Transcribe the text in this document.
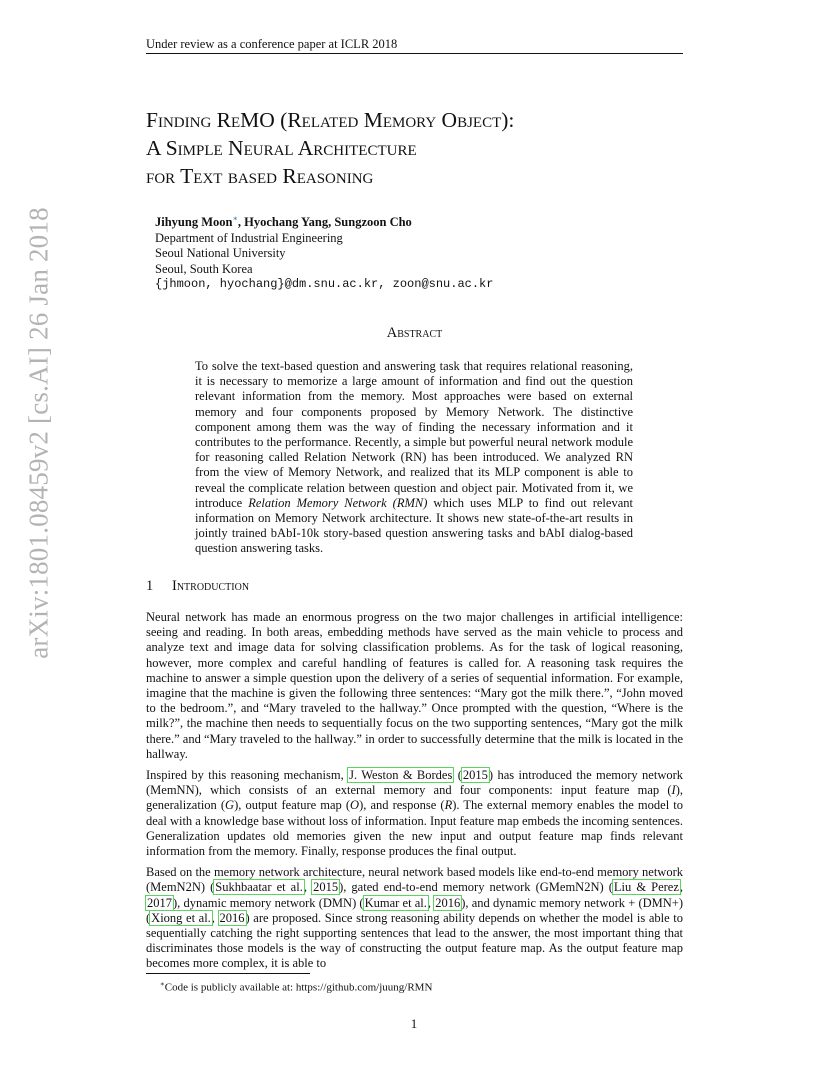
Under review as a conference paper at ICLR 2018
arXiv:1801.08459v2 [cs.AI] 26 Jan 2018
Finding ReMO (Related Memory Object):
A Simple Neural Architecture
for Text based Reasoning
Jihyung Moon∗, Hyochang Yang, Sungzoon Cho
Department of Industrial Engineering
Seoul National University
Seoul, South Korea
{jhmoon, hyochang}@dm.snu.ac.kr, zoon@snu.ac.kr
Abstract

To solve the text-based question and answering task that requires relational reasoning, it is necessary to memorize a large amount of information and find out the question relevant information from the memory. Most approaches were based on external memory and four components proposed by Memory Network. The distinctive component among them was the way of finding the necessary information and it contributes to the performance. Recently, a simple but powerful neural network module for reasoning called Relation Network (RN) has been introduced. We analyzed RN from the view of Memory Network, and realized that its MLP component is able to reveal the complicate relation between question and object pair. Motivated from it, we introduce Relation Memory Network (RMN) which uses MLP to find out relevant information on Memory Network architecture. It shows new state-of-the-art results in jointly trained bAbI-10k story-based question answering tasks and bAbI dialog-based question answering tasks.

1 Introduction

Neural network has made an enormous progress on the two major challenges in artificial intelligence: seeing and reading. In both areas, embedding methods have served as the main vehicle to process and analyze text and image data for solving classification problems. As for the task of logical reasoning, however, more complex and careful handling of features is called for. A reasoning task requires the machine to answer a simple question upon the delivery of a series of sequential information. For example, imagine that the machine is given the following three sentences: “Mary got the milk there.”, “John moved to the bedroom.”, and “Mary traveled to the hallway.” Once prompted with the question, “Where is the milk?”, the machine then needs to sequentially focus on the two supporting sentences, “Mary got the milk there.” and “Mary traveled to the hallway.” in order to successfully determine that the milk is located in the hallway.

Inspired by this reasoning mechanism, J. Weston & Bordes (2015) has introduced the memory network (MemNN), which consists of an external memory and four components: input feature map (I), generalization (G), output feature map (O), and response (R). The external memory enables the model to deal with a knowledge base without loss of information. Input feature map embeds the incoming sentences. Generalization updates old memories given the new input and output feature map finds relevant information from the memory. Finally, response produces the final output.

Based on the memory network architecture, neural network based models like end-to-end memory network (MemN2N) (Sukhbaatar et al., 2015), gated end-to-end memory network (GMemN2N) (Liu & Perez, 2017), dynamic memory network (DMN) (Kumar et al., 2016), and dynamic memory network + (DMN+) (Xiong et al., 2016) are proposed. Since strong reasoning ability depends on whether the model is able to sequentially catching the right supporting sentences that lead to the answer, the most important thing that discriminates those models is the way of constructing the output feature map. As the output feature map becomes more complex, it is able to

∗Code is publicly available at: https://github.com/juung/RMN
1
